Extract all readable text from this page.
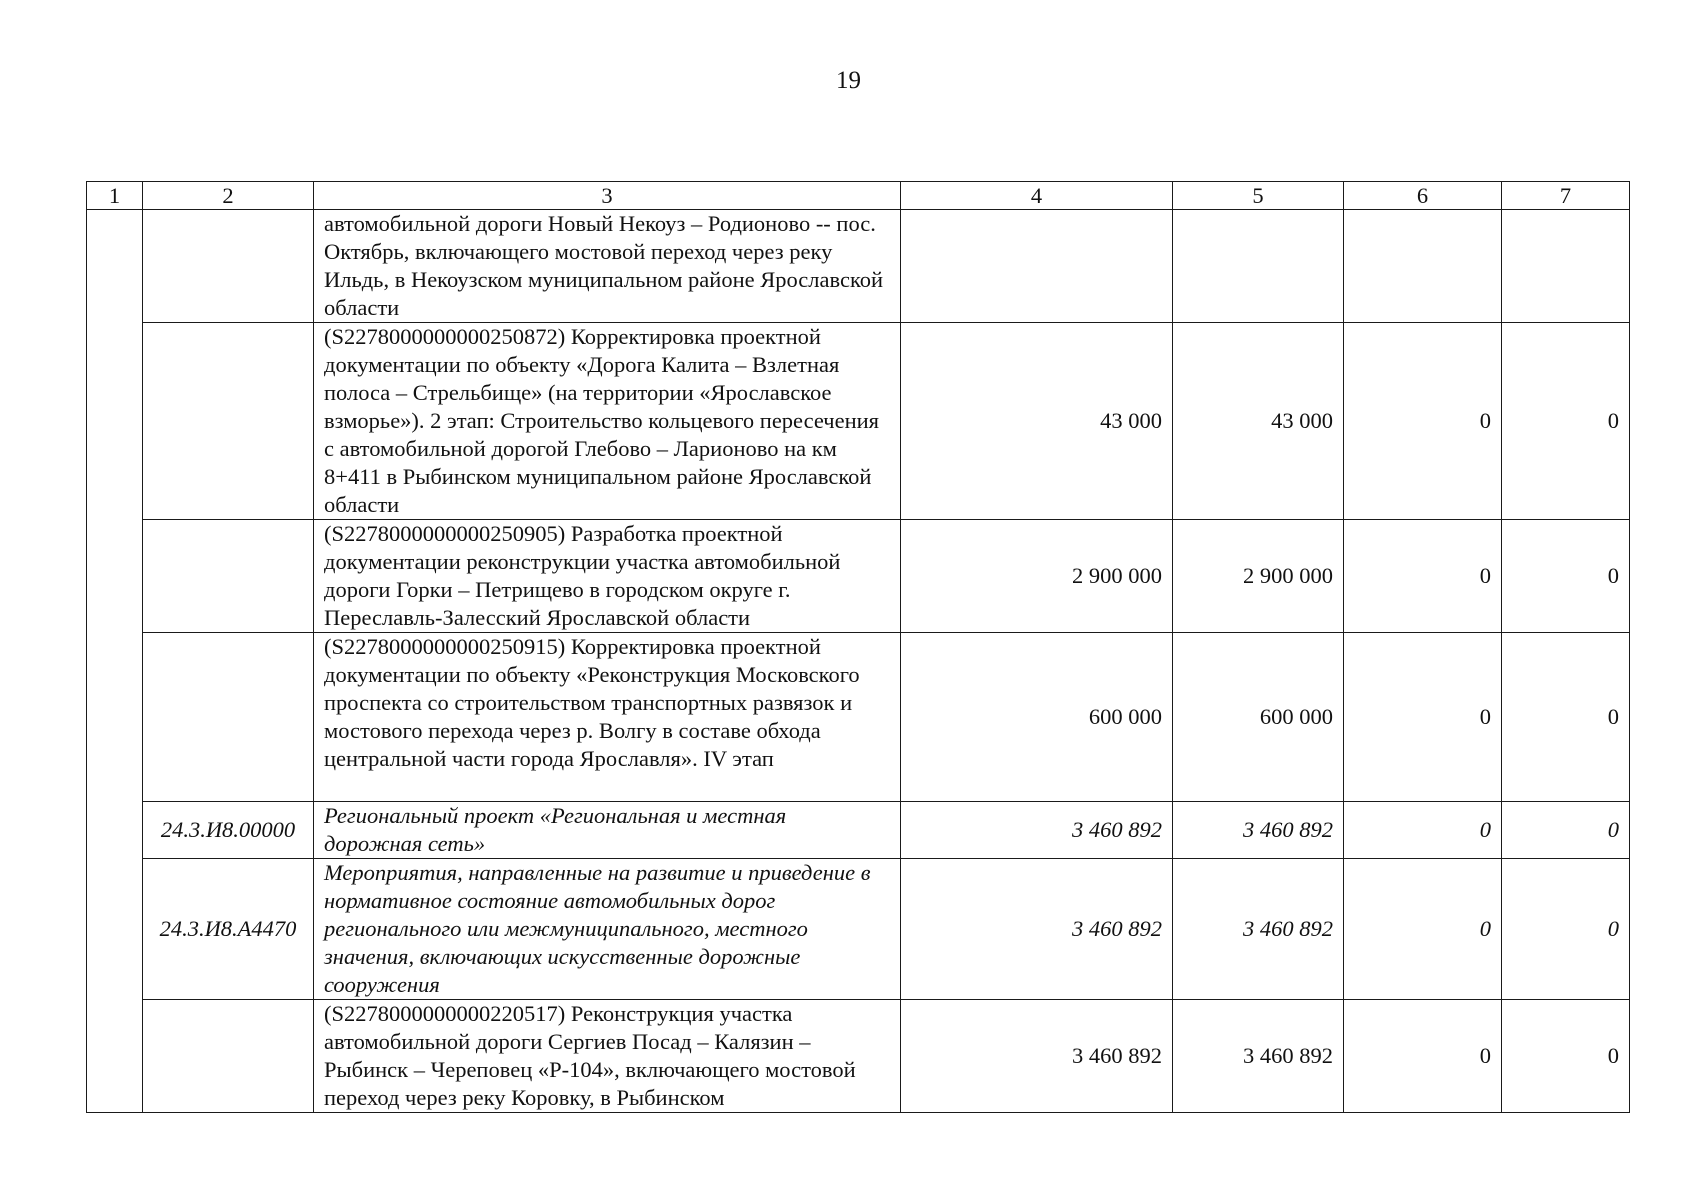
19
1	2	3	4	5	6	7
		автомобильной дороги Новый Некоуз – Родионово -- пос. Октябрь, включающего мостовой переход через реку Ильдь, в Некоузском муниципальном районе Ярославской области				
		(S2278000000000250872) Корректировка проектной документации по объекту «Дорога Калита – Взлетная полоса – Стрельбище» (на территории «Ярославское взморье»). 2 этап: Строительство кольцевого пересечения с автомобильной дорогой Глебово – Ларионово на км 8+411 в Рыбинском муниципальном районе Ярославской области	43 000	43 000	0	0
		(S2278000000000250905) Разработка проектной документации реконструкции участка автомобильной дороги Горки – Петрищево в городском округе г. Переславль-Залесский Ярославской области	2 900 000	2 900 000	0	0
		(S2278000000000250915) Корректировка проектной документации по объекту «Реконструкция Московского проспекта со строительством транспортных развязок и мостового перехода через р. Волгу в составе обхода центральной части города Ярославля». IV этап	600 000	600 000	0	0
	24.3.И8.00000	Региональный проект «Региональная и местная дорожная сеть»	3 460 892	3 460 892	0	0
	24.3.И8.А4470	Мероприятия, направленные на развитие и приведение в нормативное состояние автомобильных дорог регионального или межмуниципального, местного значения, включающих искусственные дорожные сооружения	3 460 892	3 460 892	0	0

		(S2278000000000220517) Реконструкция участка автомобильной дороги Сергиев Посад – Калязин – Рыбинск – Череповец «Р-104», включающего мостовой переход через реку Коровку, в Рыбинском	3 460 892	3 460 892	0	0
